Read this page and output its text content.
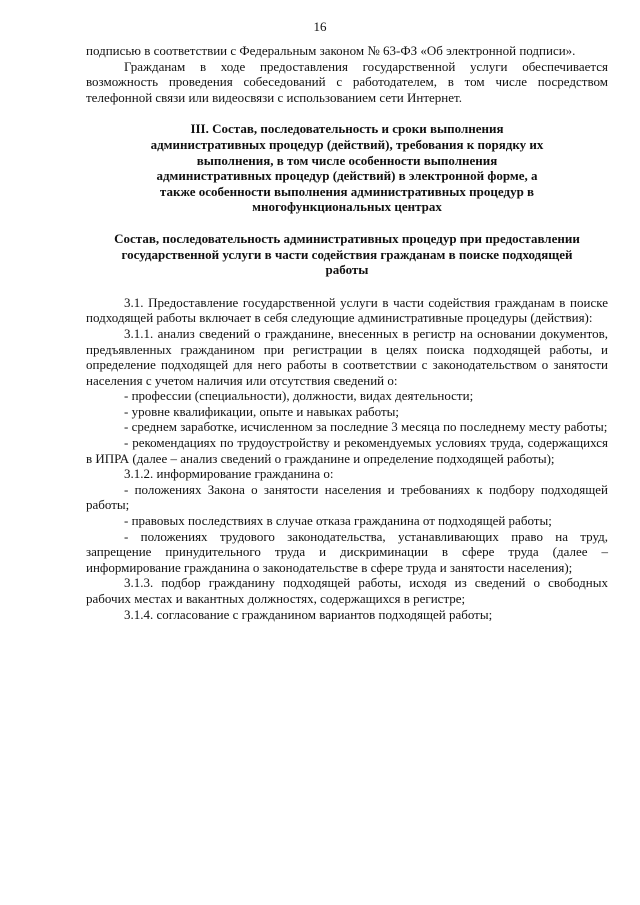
16

подписью в соответствии с Федеральным законом № 63-ФЗ «Об электронной подписи».

Гражданам в ходе предоставления государственной услуги обеспечивается возможность проведения собеседований с работодателем, в том числе посредством телефонной связи или видеосвязи с использованием сети Интернет.

III. Состав, последовательность и сроки выполнения административных процедур (действий), требования к порядку их выполнения, в том числе особенности выполнения административных процедур (действий) в электронной форме, а также особенности выполнения административных процедур в многофункциональных центрах
Состав, последовательность административных процедур при предоставлении государственной услуги в части содействия гражданам в поиске подходящей работы

3.1. Предоставление государственной услуги в части содействия гражданам в поиске подходящей работы включает в себя следующие административные процедуры (действия):

3.1.1. анализ сведений о гражданине, внесенных в регистр на основании документов, предъявленных гражданином при регистрации в целях поиска подходящей работы, и определение подходящей для него работы в соответствии с законодательством о занятости населения с учетом наличия или отсутствия сведений о:

- профессии (специальности), должности, видах деятельности;

- уровне квалификации, опыте и навыках работы;

- среднем заработке, исчисленном за последние 3 месяца по последнему месту работы;

- рекомендациях по трудоустройству и рекомендуемых условиях труда, содержащихся в ИПРА (далее – анализ сведений о гражданине и определение подходящей работы);

3.1.2. информирование гражданина о:

- положениях Закона о занятости населения и требованиях к подбору подходящей работы;

- правовых последствиях в случае отказа гражданина от подходящей работы;

- положениях трудового законодательства, устанавливающих право на труд, запрещение принудительного труда и дискриминации в сфере труда (далее – информирование гражданина о законодательстве в сфере труда и занятости населения);

3.1.3. подбор гражданину подходящей работы, исходя из сведений о свободных рабочих местах и вакантных должностях, содержащихся в регистре;

3.1.4. согласование с гражданином вариантов подходящей работы;
